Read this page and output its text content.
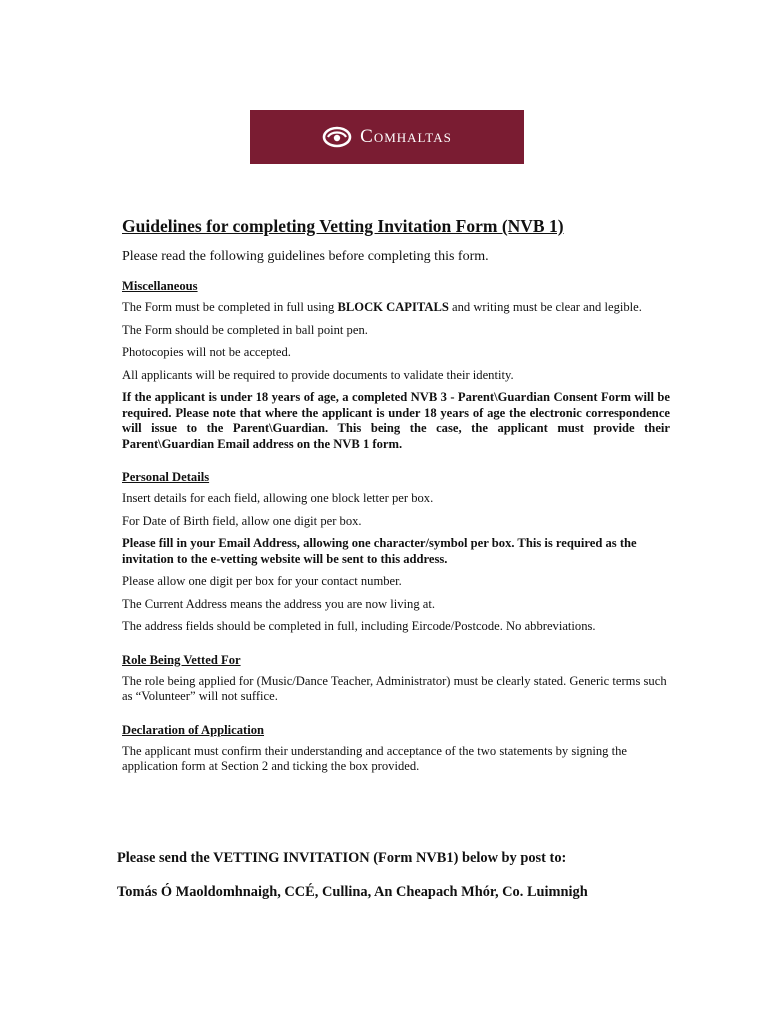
Comhaltas
Guidelines for completing Vetting Invitation Form (NVB 1)

Please read the following guidelines before completing this form.

Miscellaneous

The Form must be completed in full using BLOCK CAPITALS and writing must be clear and legible.

The Form should be completed in ball point pen.

Photocopies will not be accepted.

All applicants will be required to provide documents to validate their identity.

If the applicant is under 18 years of age, a completed NVB 3 - Parent\Guardian Consent Form will be required. Please note that where the applicant is under 18 years of age the electronic correspondence will issue to the Parent\Guardian. This being the case, the applicant must provide their Parent\Guardian Email address on the NVB 1 form.

Personal Details

Insert details for each field, allowing one block letter per box.

For Date of Birth field, allow one digit per box.

Please fill in your Email Address, allowing one character/symbol per box. This is required as the invitation to the e-vetting website will be sent to this address.

Please allow one digit per box for your contact number.

The Current Address means the address you are now living at.

The address fields should be completed in full, including Eircode/Postcode. No abbreviations.

Role Being Vetted For

The role being applied for (Music/Dance Teacher, Administrator) must be clearly stated. Generic terms such as “Volunteer” will not suffice.

Declaration of Application

The applicant must confirm their understanding and acceptance of the two statements by signing the application form at Section 2 and ticking the box provided.

Please send the VETTING INVITATION (Form NVB1) below by post to:

Tomás Ó Maoldomhnaigh, CCÉ, Cullina, An Cheapach Mhór, Co. Luimnigh
